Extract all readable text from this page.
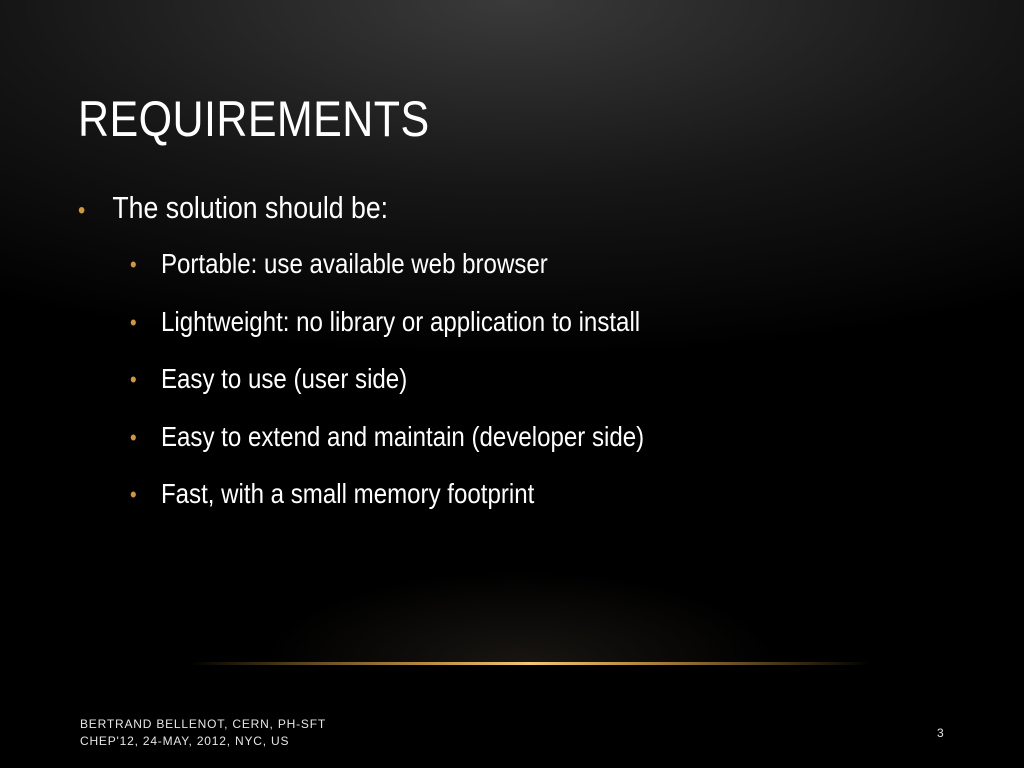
REQUIREMENTS
• The solution should be:
• Portable: use available web browser
• Lightweight: no library or application to install
• Easy to use (user side)
• Easy to extend and maintain (developer side)
• Fast, with a small memory footprint
BERTRAND BELLENOT, CERN, PH-SFT
CHEP'12, 24-MAY, 2012, NYC, US
3
